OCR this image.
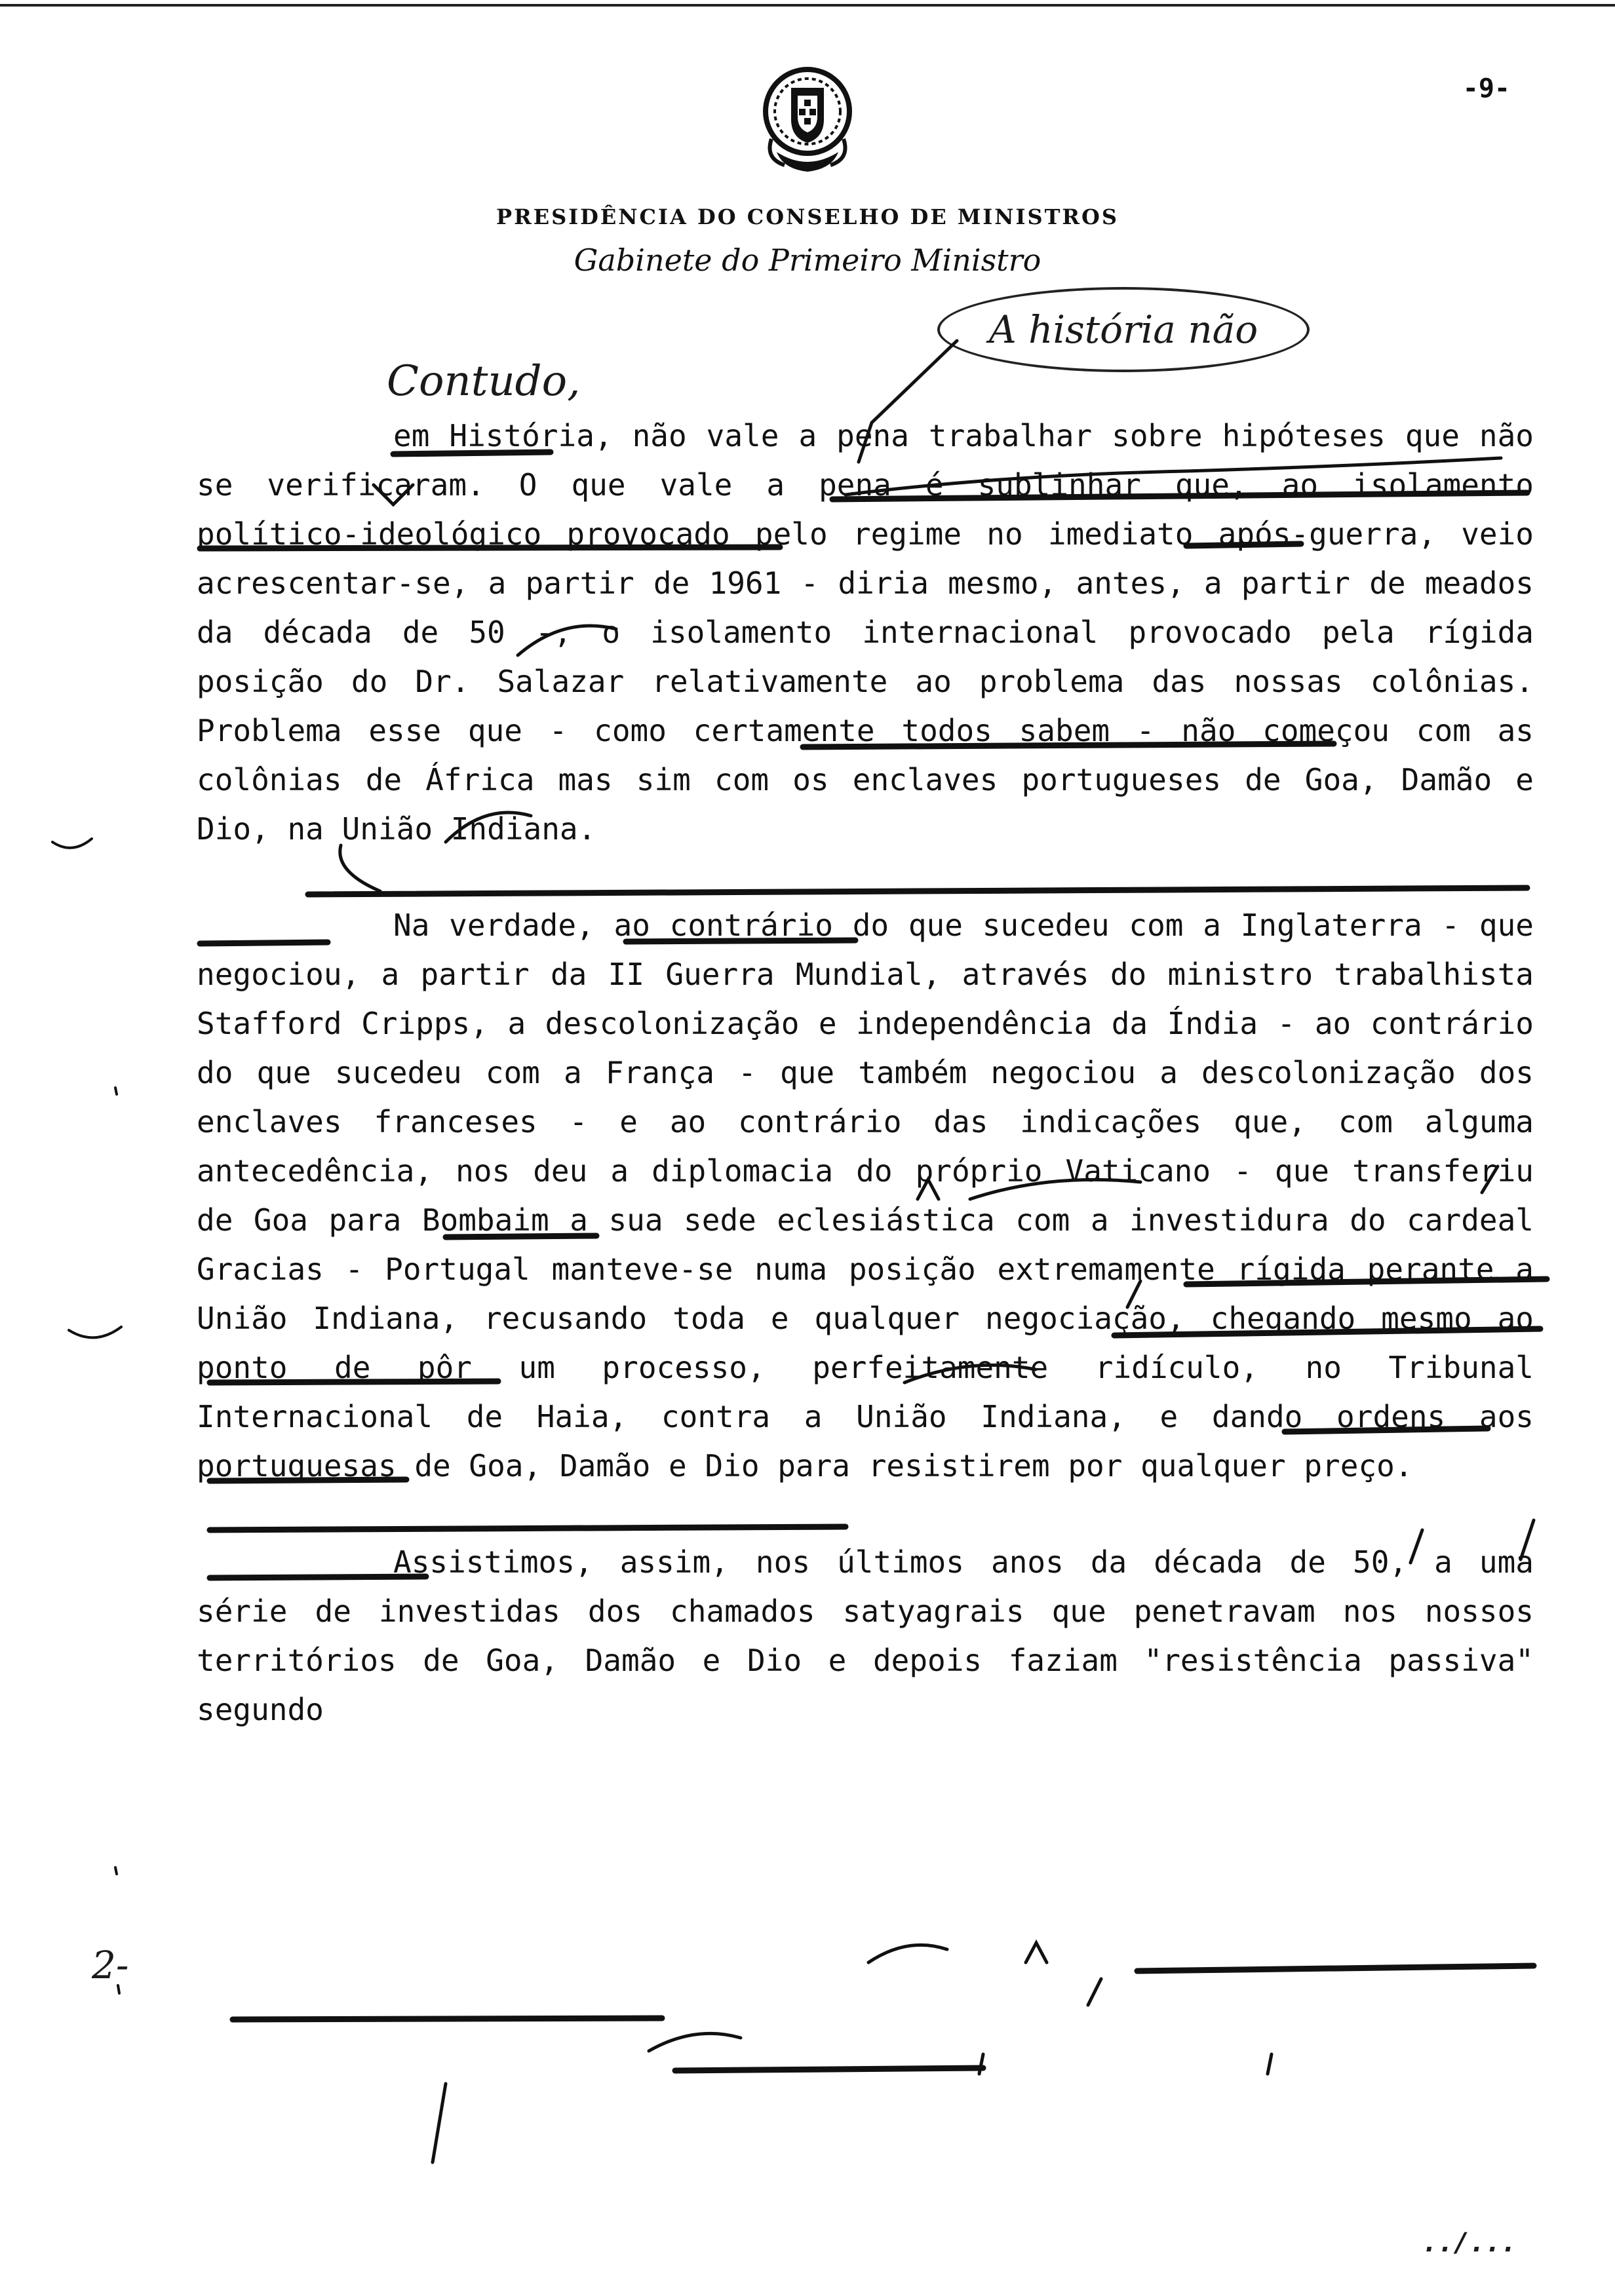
-9-
PRESIDÊNCIA DO CONSELHO DE MINISTROS
Gabinete do Primeiro Ministro
A história não
Contudo,
2-
../...

em História, não vale a pena trabalhar sobre hipóteses que não se verificaram. O que vale a pena é sublinhar que, ao isolamento político-ideológico provocado pelo regime no imediato após-guerra, veio acrescentar-se, a partir de 1961 - diria mesmo, antes, a partir de meados da década de 50 -, o isolamento internacional provocado pela rígida posição do Dr. Salazar relativamente ao problema das nossas colônias. Problema esse que - como certamente todos sabem - não começou com as colônias de África mas sim com os enclaves portugueses de Goa, Damão e Dio, na União Indiana.

Na verdade, ao contrário do que sucedeu com a Inglaterra - que negociou, a partir da II Guerra Mundial, através do ministro trabalhista Stafford Cripps, a descolonização e independência da Índia - ao contrário do que sucedeu com a França - que também negociou a descolonização dos enclaves franceses - e ao contrário das indicações que, com alguma antecedência, nos deu a diplomacia do próprio Vaticano - que transferiu de Goa para Bombaim a sua sede eclesiástica com a investidura do cardeal Gracias - Portugal manteve-se numa posição extremamente rígida perante a União Indiana, recusando toda e qualquer negociação, chegando mesmo ao ponto de pôr um processo, perfeitamente ridículo, no Tribunal Internacional de Haia, contra a União Indiana, e dando ordens aos portuguesas de Goa, Damão e Dio para resistirem por qualquer preço.

Assistimos, assim, nos últimos anos da década de 50, a uma série de investidas dos chamados satyagrais que penetravam nos nossos territórios de Goa, Damão e Dio e depois faziam "resistência passiva" segundo
